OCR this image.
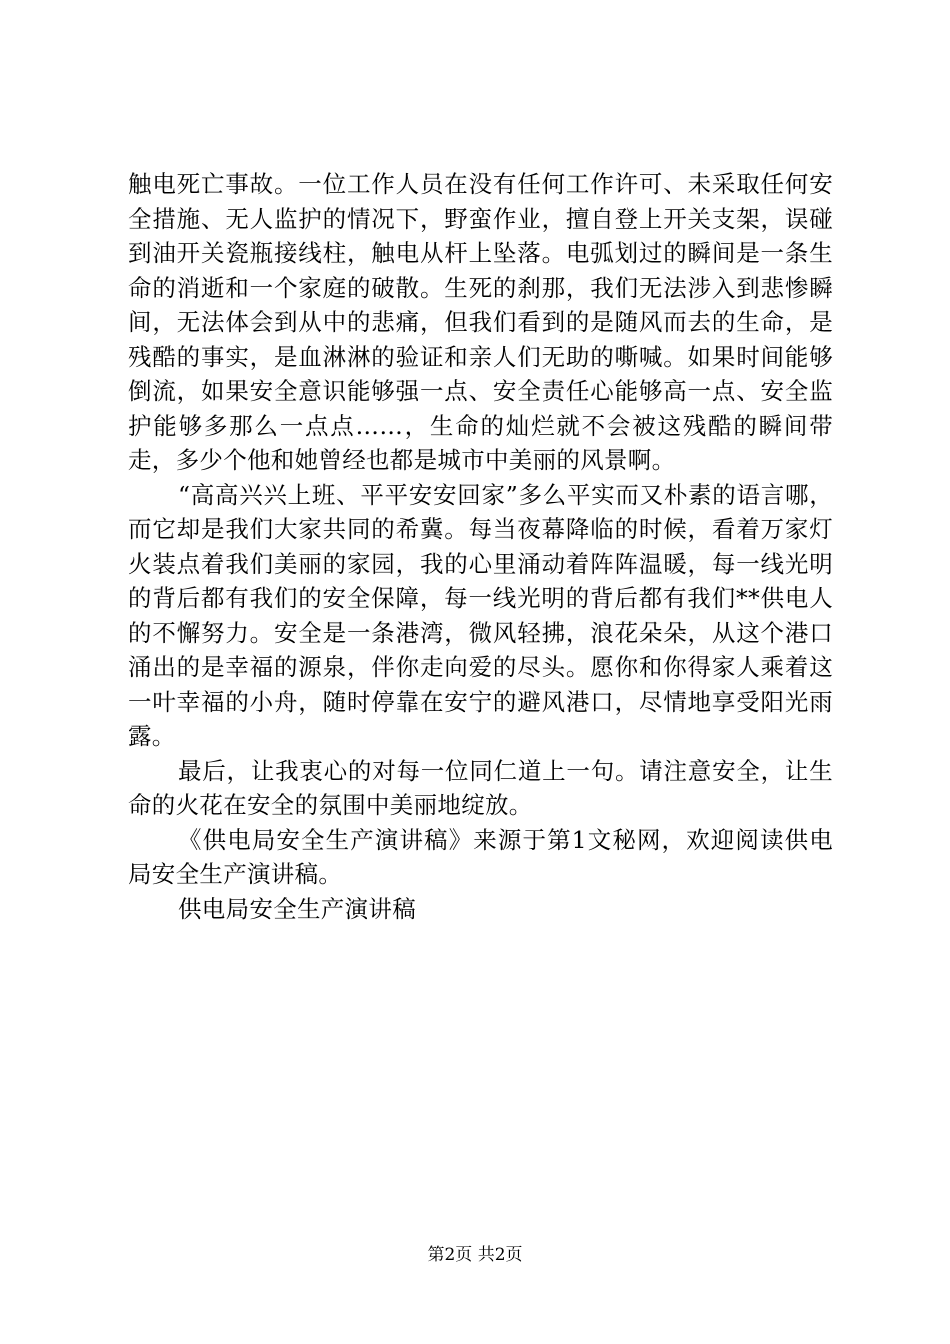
触电死亡事故。一位工作人员在没有任何工作许可、未采取任何安全措施、无人监护的情况下，野蛮作业，擅自登上开关支架，误碰到油开关瓷瓶接线柱，触电从杆上坠落。电弧划过的瞬间是一条生命的消逝和一个家庭的破散。生死的刹那，我们无法涉入到悲惨瞬间，无法体会到从中的悲痛，但我们看到的是随风而去的生命，是残酷的事实，是血淋淋的验证和亲人们无助的嘶喊。如果时间能够倒流，如果安全意识能够强一点、安全责任心能够高一点、安全监护能够多那么一点点……，生命的灿烂就不会被这残酷的瞬间带走，多少个他和她曾经也都是城市中美丽的风景啊。

“高高兴兴上班、平平安安回家”多么平实而又朴素的语言哪，而它却是我们大家共同的希冀。每当夜幕降临的时候，看着万家灯火装点着我们美丽的家园，我的心里涌动着阵阵温暖，每一线光明的背后都有我们的安全保障，每一线光明的背后都有我们**供电人的不懈努力。安全是一条港湾，微风轻拂，浪花朵朵，从这个港口涌出的是幸福的源泉，伴你走向爱的尽头。愿你和你得家人乘着这一叶幸福的小舟，随时停靠在安宁的避风港口，尽情地享受阳光雨露。

最后，让我衷心的对每一位同仁道上一句。请注意安全，让生命的火花在安全的氛围中美丽地绽放。

《供电局安全生产演讲稿》来源于第1文秘网，欢迎阅读供电局安全生产演讲稿。

供电局安全生产演讲稿

第2页 共2页
